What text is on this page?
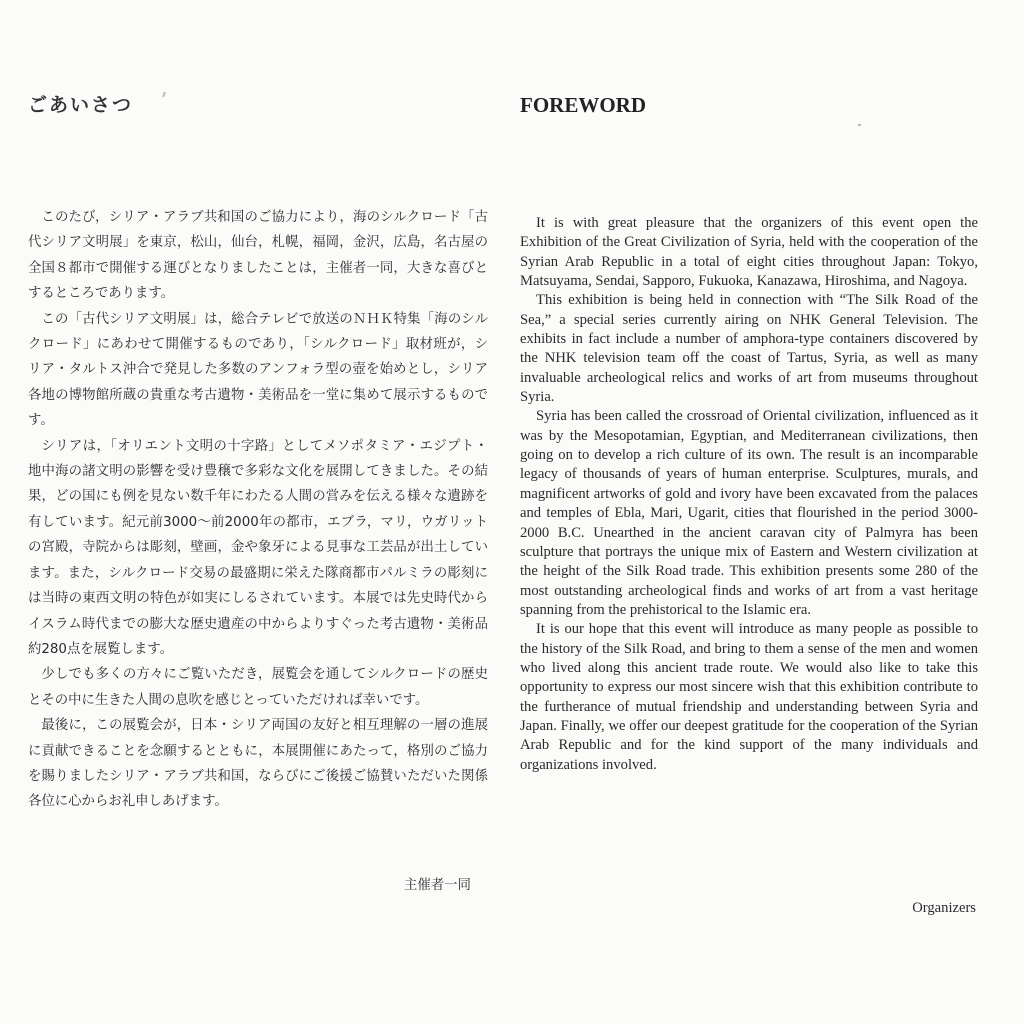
ごあいさつ

このたび，シリア・アラブ共和国のご協力により，海のシルクロード「古代シリア文明展」を東京，松山，仙台，札幌，福岡，金沢，広島，名古屋の全国８都市で開催する運びとなりましたことは，主催者一同，大きな喜びとするところであります。

この「古代シリア文明展」は，総合テレビで放送のＮＨＫ特集「海のシルクロード」にあわせて開催するものであり，「シルクロード」取材班が，シリア・タルトス沖合で発見した多数のアンフォラ型の壺を始めとし，シリア各地の博物館所蔵の貴重な考古遺物・美術品を一堂に集めて展示するものです。

シリアは，「オリエント文明の十字路」としてメソポタミア・エジプト・地中海の諸文明の影響を受け豊穣で多彩な文化を展開してきました。その結果，どの国にも例を見ない数千年にわたる人間の営みを伝える様々な遺跡を有しています。紀元前3000〜前2000年の都市，エブラ，マリ，ウガリットの宮殿，寺院からは彫刻，壁画，金や象牙による見事な工芸品が出土しています。また，シルクロード交易の最盛期に栄えた隊商都市パルミラの彫刻には当時の東西文明の特色が如実にしるされています。本展では先史時代からイスラム時代までの膨大な歴史遺産の中からよりすぐった考古遺物・美術品約280点を展覧します。

少しでも多くの方々にご覧いただき，展覧会を通してシルクロードの歴史とその中に生きた人間の息吹を感じとっていただければ幸いです。

最後に，この展覧会が，日本・シリア両国の友好と相互理解の一層の進展に貢献できることを念願するとともに，本展開催にあたって，格別のご協力を賜りましたシリア・アラブ共和国，ならびにご後援ご協賛いただいた関係各位に心からお礼申しあげます。

主催者一同
FOREWORD

It is with great pleasure that the organizers of this event open the Exhibition of the Great Civilization of Syria, held with the cooperation of the Syrian Arab Republic in a total of eight cities throughout Japan: Tokyo, Matsuyama, Sendai, Sapporo, Fukuoka, Kanazawa, Hiroshima, and Nagoya.

This exhibition is being held in connection with “The Silk Road of the Sea,” a special series currently airing on NHK General Television. The exhibits in fact include a number of amphora-type containers discovered by the NHK television team off the coast of Tartus, Syria, as well as many invaluable archeological relics and works of art from museums throughout Syria.

Syria has been called the crossroad of Oriental civilization, influenced as it was by the Mesopotamian, Egyptian, and Mediterranean civilizations, then going on to develop a rich culture of its own. The result is an incomparable legacy of thousands of years of human enterprise. Sculptures, murals, and magnificent artworks of gold and ivory have been excavated from the palaces and temples of Ebla, Mari, Ugarit, cities that flourished in the period 3000-2000 B.C. Unearthed in the ancient caravan city of Palmyra has been sculpture that portrays the unique mix of Eastern and Western civilization at the height of the Silk Road trade. This exhibition presents some 280 of the most outstanding archeological finds and works of art from a vast heritage spanning from the prehistorical to the Islamic era.

It is our hope that this event will introduce as many people as possible to the history of the Silk Road, and bring to them a sense of the men and women who lived along this ancient trade route. We would also like to take this opportunity to express our most sincere wish that this exhibition contribute to the furtherance of mutual friendship and understanding between Syria and Japan. Finally, we offer our deepest gratitude for the cooperation of the Syrian Arab Republic and for the kind support of the many individuals and organizations involved.

Organizers
